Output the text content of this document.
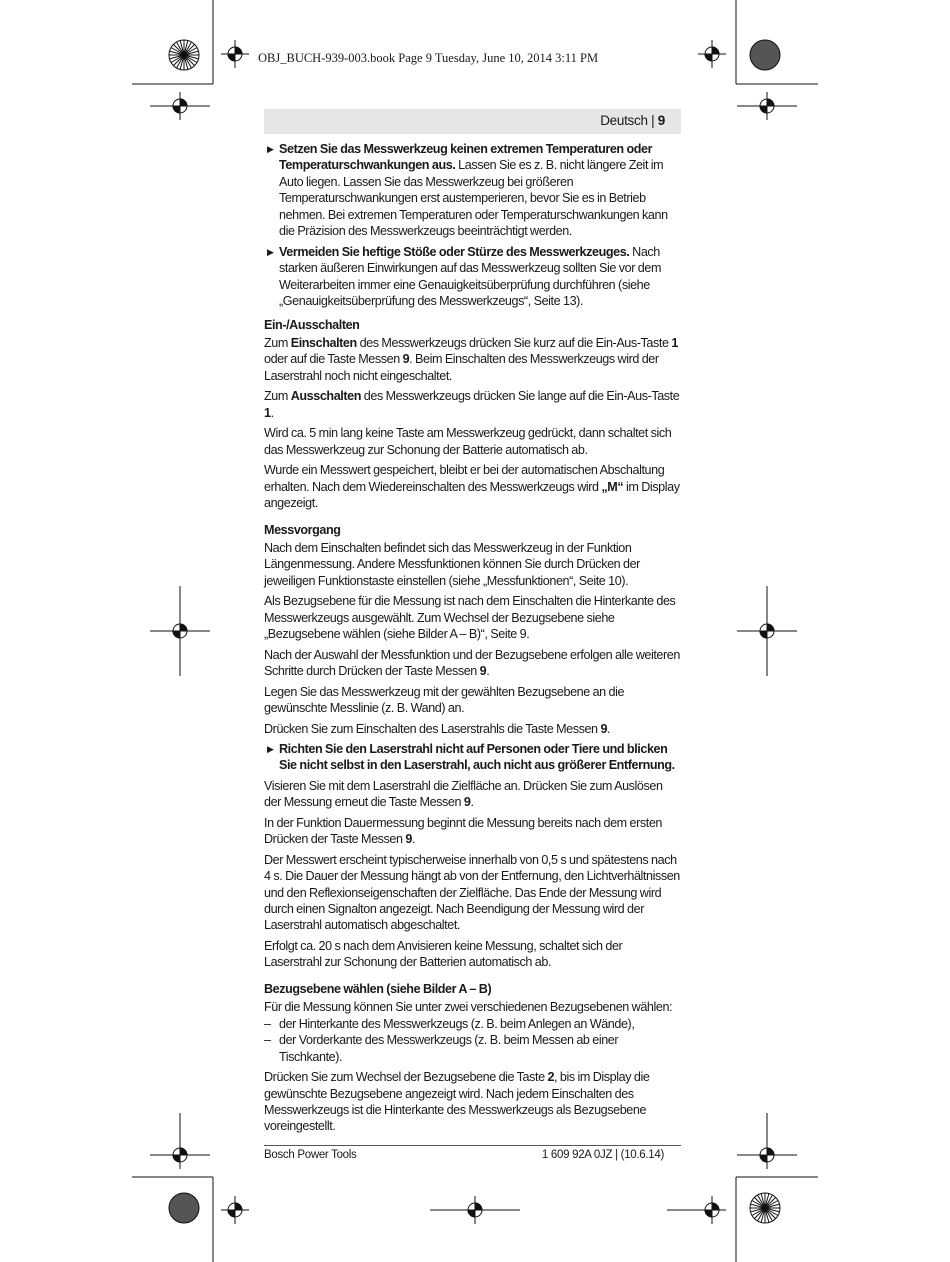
OBJ_BUCH-939-003.book Page 9 Tuesday, June 10, 2014 3:11 PM
Deutsch | 9
▶ Setzen Sie das Messwerkzeug keinen extremen Temperaturen oder Temperaturschwankungen aus. Lassen Sie es z. B. nicht längere Zeit im Auto liegen. Lassen Sie das Messwerkzeug bei größeren Temperaturschwankungen erst austemperieren, bevor Sie es in Betrieb nehmen. Bei extremen Temperaturen oder Temperaturschwankungen kann die Präzision des Messwerkzeugs beeinträchtigt werden.
▶ Vermeiden Sie heftige Stöße oder Stürze des Messwerkzeuges. Nach starken äußeren Einwirkungen auf das Messwerkzeug sollten Sie vor dem Weiterarbeiten immer eine Genauigkeitsüberprüfung durchführen (siehe „Genauigkeitsüberprüfung des Messwerkzeugs“, Seite 13).
Ein-/Ausschalten

Zum Einschalten des Messwerkzeugs drücken Sie kurz auf die Ein-Aus-Taste 1 oder auf die Taste Messen 9. Beim Einschalten des Messwerkzeugs wird der Laserstrahl noch nicht eingeschaltet.

Zum Ausschalten des Messwerkzeugs drücken Sie lange auf die Ein-Aus-Taste 1.

Wird ca. 5 min lang keine Taste am Messwerkzeug gedrückt, dann schaltet sich das Messwerkzeug zur Schonung der Batterie automatisch ab.

Wurde ein Messwert gespeichert, bleibt er bei der automatischen Abschaltung erhalten. Nach dem Wiedereinschalten des Messwerkzeugs wird „M“ im Display angezeigt.

Messvorgang

Nach dem Einschalten befindet sich das Messwerkzeug in der Funktion Längenmessung. Andere Messfunktionen können Sie durch Drücken der jeweiligen Funktionstaste einstellen (siehe „Messfunktionen“, Seite 10).

Als Bezugsebene für die Messung ist nach dem Einschalten die Hinterkante des Messwerkzeugs ausgewählt. Zum Wechsel der Bezugsebene siehe „Bezugsebene wählen (siehe Bilder A – B)“, Seite 9.

Nach der Auswahl der Messfunktion und der Bezugsebene erfolgen alle weiteren Schritte durch Drücken der Taste Messen 9.

Legen Sie das Messwerkzeug mit der gewählten Bezugsebene an die gewünschte Messlinie (z. B. Wand) an.

Drücken Sie zum Einschalten des Laserstrahls die Taste Messen 9.

▶ Richten Sie den Laserstrahl nicht auf Personen oder Tiere und blicken Sie nicht selbst in den Laserstrahl, auch nicht aus größerer Entfernung.

Visieren Sie mit dem Laserstrahl die Zielfläche an. Drücken Sie zum Auslösen der Messung erneut die Taste Messen 9.

In der Funktion Dauermessung beginnt die Messung bereits nach dem ersten Drücken der Taste Messen 9.

Der Messwert erscheint typischerweise innerhalb von 0,5 s und spätestens nach 4 s. Die Dauer der Messung hängt ab von der Entfernung, den Lichtverhältnissen und den Reflexionseigenschaften der Zielfläche. Das Ende der Messung wird durch einen Signalton angezeigt. Nach Beendigung der Messung wird der Laserstrahl automatisch abgeschaltet.

Erfolgt ca. 20 s nach dem Anvisieren keine Messung, schaltet sich der Laserstrahl zur Schonung der Batterien automatisch ab.

Bezugsebene wählen (siehe Bilder A – B)

Für die Messung können Sie unter zwei verschiedenen Bezugsebenen wählen:

– der Hinterkante des Messwerkzeugs (z. B. beim Anlegen an Wände),
– der Vorderkante des Messwerkzeugs (z. B. beim Messen ab einer Tischkante).

Drücken Sie zum Wechsel der Bezugsebene die Taste 2, bis im Display die gewünschte Bezugsebene angezeigt wird. Nach jedem Einschalten des Messwerkzeugs ist die Hinterkante des Messwerkzeugs als Bezugsebene voreingestellt.

Bosch Power Tools	1 609 92A 0JZ | (10.6.14)
